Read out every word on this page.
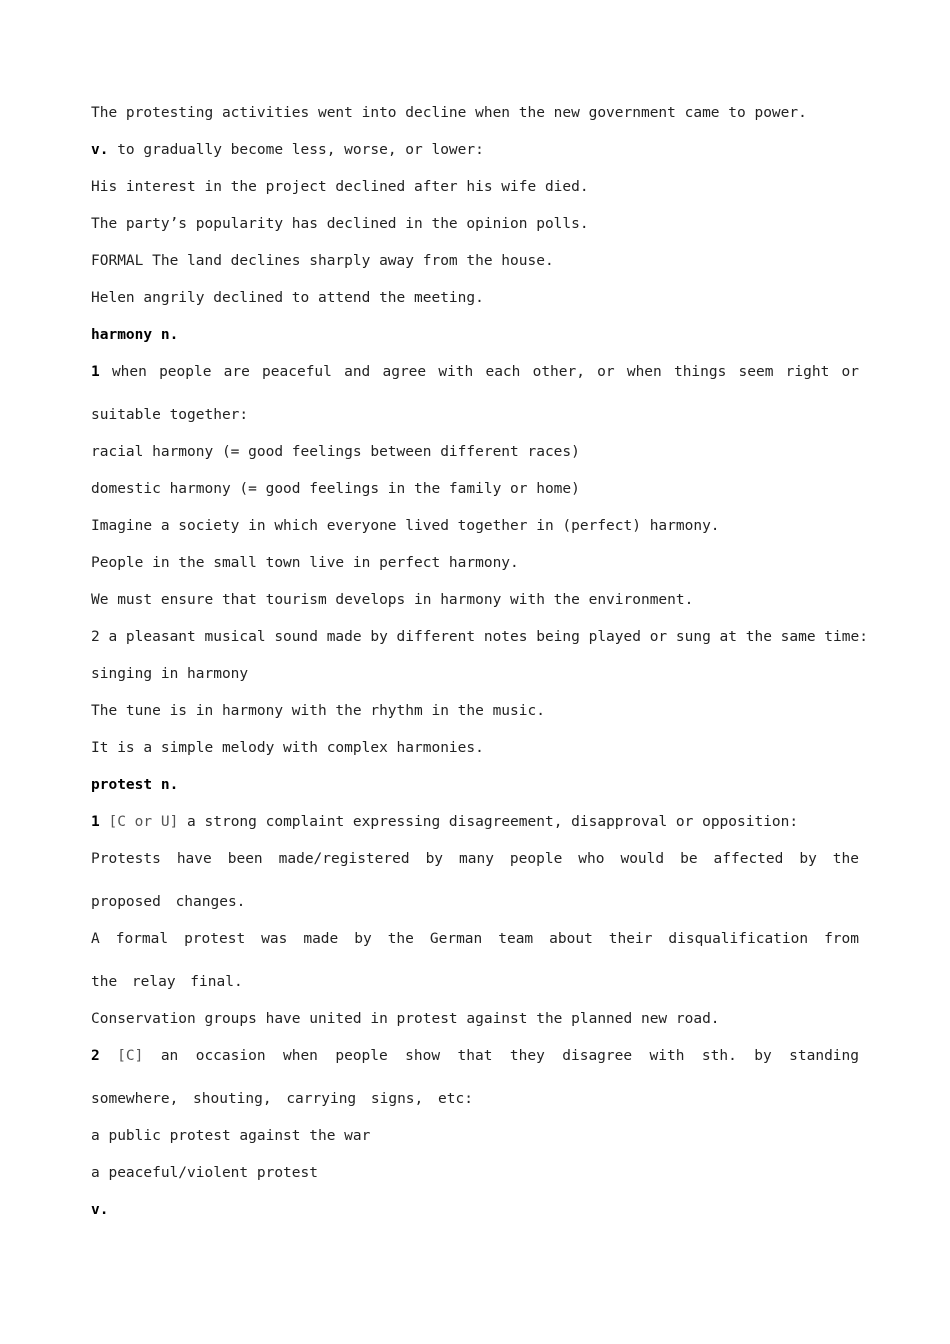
The protesting activities went into decline when the new government came to power.
v. to gradually become less, worse, or lower:
His interest in the project declined after his wife died.
The party’s popularity has declined in the opinion polls.
FORMAL The land declines sharply away from the house.
Helen angrily declined to attend the meeting.
harmony n.
1 when people are peaceful and agree with each other, or when things seem right or suitable together:
racial harmony (= good feelings between different races)
domestic harmony (= good feelings in the family or home)
Imagine a society in which everyone lived together in (perfect) harmony.
People in the small town live in perfect harmony.
We must ensure that tourism develops in harmony with the environment.
2 a pleasant musical sound made by different notes being played or sung at the same time:
singing in harmony
The tune is in harmony with the rhythm in the music.
It is a simple melody with complex harmonies.
protest n.
1 [C or U] a strong complaint expressing disagreement, disapproval or opposition:
Protests have been made/registered by many people who would be affected by the proposed changes.
A formal protest was made by the German team about their disqualification from the relay final.
Conservation groups have united in protest against the planned new road.
2 [C] an occasion when people show that they disagree with sth. by standing somewhere, shouting, carrying signs, etc:
a public protest against the war
a peaceful/violent protest
v.
